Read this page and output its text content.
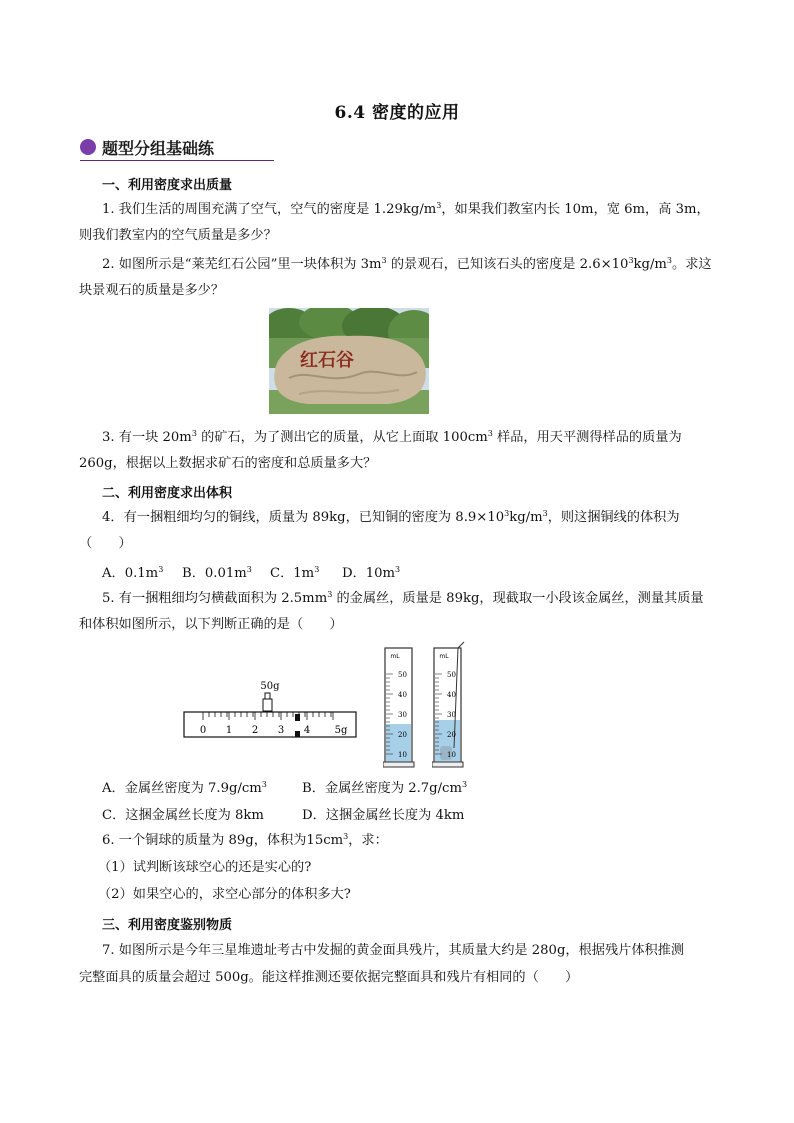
6.4 密度的应用
题型分组基础练
一、利用密度求出质量
1. 我们生活的周围充满了空气，空气的密度是 $1.29kg/m^3$，如果我们教室内长 10m，宽 6m，高 3m，
则我们教室内的空气质量是多少？
2. 如图所示是“莱芜红石公园”里一块体积为 $3m^3$ 的景观石，已知该石头的密度是 $2.6\times 10^3kg/m^3$。求这
块景观石的质量是多少？
红石谷
3. 有一块 $20m^3$ 的矿石，为了测出它的质量，从它上面取 $100cm^3$ 样品，用天平测得样品的质量为
260g，根据以上数据求矿石的密度和总质量多大？
二、利用密度求出体积
4．有一捆粗细均匀的铜线，质量为 89kg，已知铜的密度为 $8.9\times 10^3kg/m^3$，则这捆铜线的体积为
（　　）
A．$0.1m^3$ B．$0.01m^3$ C．$1m^3$ D．$10m^3$
5. 有一捆粗细均匀横截面积为 $2.5mm^3$ 的金属丝，质量是 89kg，现截取一小段该金属丝，测量其质量
和体积如图所示，以下判断正确的是（　　）
50g
0 1 2 3 4 5g
mL
50
40
30
20
10
mL
50
40
30
20
10
A．金属丝密度为 $7.9g/cm^3$	B．金属丝密度为 $2.7g/cm^3$
C．这捆金属丝长度为 8km	D．这捆金属丝长度为 4km
6. 一个铜球的质量为 89g，体积为$15cm^3$，求：
（1）试判断该球空心的还是实心的?
（2）如果空心的，求空心部分的体积多大?
三、利用密度鉴别物质
7. 如图所示是今年三星堆遗址考古中发掘的黄金面具残片，其质量大约是 280g，根据残片体积推测
完整面具的质量会超过 500g。能这样推测还要依据完整面具和残片有相同的（　　）
